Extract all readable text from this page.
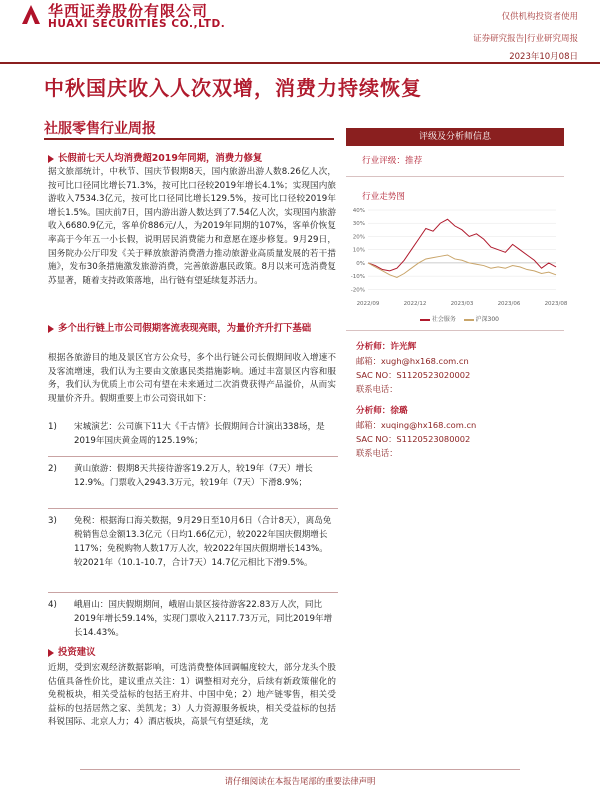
华西证券股份有限公司
HUAXI SECURITIES CO.,LTD.
仅供机构投资者使用
证券研究报告|行业研究周报
2023年10月08日
中秋国庆收入人次双增，消费力持续恢复
社服零售行业周报
长假前七天人均消费超2019年同期，消费力修复
据文旅部统计，中秋节、国庆节假期8天，国内旅游出游人数8.26亿人次，按可比口径同比增长71.3%，按可比口径较2019年增长4.1%；实现国内旅游收入7534.3亿元，按可比口径同比增长129.5%，按可比口径较2019年增长1.5%。国庆前7日，国内游出游人数达到了7.54亿人次，实现国内旅游收入6680.9亿元，客单价886元/人，为2019年同期的107%，客单价恢复率高于今年五一小长假，说明居民消费能力和意愿在逐步修复。9月29日，国务院办公厅印发《关于释放旅游消费潜力推动旅游业高质量发展的若干措施》，发布30条措施激发旅游消费，完善旅游惠民政策。8月以来可选消费复苏显著，随着支持政策落地，出行链有望延续复苏活力。
多个出行链上市公司假期客流表现亮眼，为量价齐升打下基础
根据各旅游目的地及景区官方公众号，多个出行链公司长假期间收入增速不及客流增速，我们认为主要由文旅惠民类措施影响。通过丰富景区内容和服务，我们认为优质上市公司有望在未来通过二次消费获得产品溢价，从而实现量价齐升。假期重要上市公司资讯如下：
1) 宋城演艺：公司旗下11大《千古情》长假期间合计演出338场，是2019年国庆黄金周的125.19%；
2) 黄山旅游：假期8天共接待游客19.2万人，较19年（7天）增长12.9%。门票收入2943.3万元，较19年（7天）下滑8.9%；
3) 免税：根据海口海关数据，9月29日至10月6日（合计8天），离岛免税销售总金额13.3亿元（日均1.66亿元），较2022年国庆假期增长117%；免税购物人数17万人次，较2022年国庆假期增长143%。较2021年（10.1-10.7，合计7天）14.7亿元相比下滑9.5%。
4) 峨眉山：国庆假期期间，峨眉山景区接待游客22.83万人次，同比2019年增长59.14%，实现门票收入2117.73万元，同比2019年增长14.43%。
投资建议
近期，受到宏观经济数据影响，可选消费整体回调幅度较大，部分龙头个股估值具备性价比，建议重点关注：1）调整相对充分，后续有新政策催化的免税板块，相关受益标的包括王府井、中国中免；2）地产链零售，相关受益标的包括居然之家、美凯龙；3）人力资源服务板块，相关受益标的包括科锐国际、北京人力；4）酒店板块，高景气有望延续，龙
评级及分析师信息
行业评级：推荐
行业走势图
40%
30%
20%
10%
0%
-10%
-20%
2022/09	2022/12	2023/03	2023/06	2023/08
社会服务	沪深300
分析师：许光辉
邮箱：xugh@hx168.com.cn
SAC NO：S1120523020002
联系电话：
分析师：徐璐
邮箱：xuqing@hx168.com.cn
SAC NO：S1120523080002
联系电话：
请仔细阅读在本报告尾部的重要法律声明
